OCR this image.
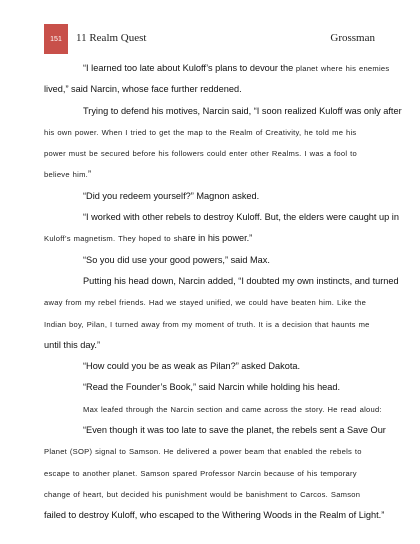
151	11 Realm Quest	Grossman
“I learned too late about Kuloff’s plans to devour the planet where his enemies
lived,” said Narcin, whose face further reddened.
Trying to defend his motives, Narcin said, “I soon realized Kuloff was only after
his own power. When I tried to get the map to the Realm of Creativity, he told me his
power must be secured before his followers could enter other Realms. I was a fool to
believe him.”
“Did you redeem yourself?” Magnon asked.
“I worked with other rebels to destroy Kuloff. But, the elders were caught up in
Kuloff’s magnetism. They hoped to share in his power.”
“So you did use your good powers,” said Max.
Putting his head down, Narcin added, “I doubted my own instincts, and turned
away from my rebel friends. Had we stayed unified, we could have beaten him. Like the
Indian boy, Pilan, I turned away from my moment of truth. It is a decision that haunts me
until this day.”
“How could you be as weak as Pilan?” asked Dakota.
“Read the Founder’s Book,” said Narcin while holding his head.
Max leafed through the Narcin section and came across the story. He read aloud:
“Even though it was too late to save the planet, the rebels sent a Save Our
Planet (SOP) signal to Samson. He delivered a power beam that enabled the rebels to
escape to another planet. Samson spared Professor Narcin because of his temporary
change of heart, but decided his punishment would be banishment to Carcos. Samson
failed to destroy Kuloff, who escaped to the Withering Woods in the Realm of Light.”
